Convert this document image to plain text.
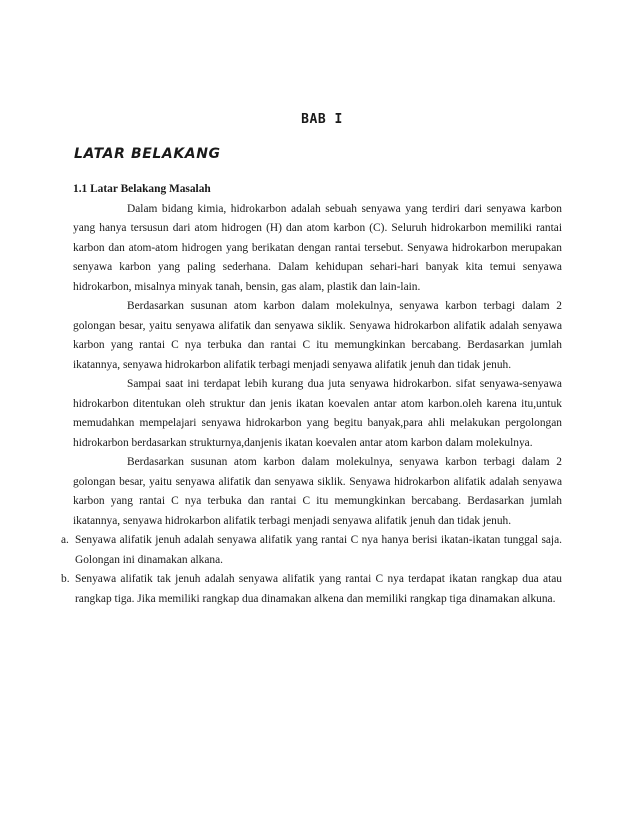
BAB I
LATAR BELAKANG

1.1 Latar Belakang Masalah

Dalam bidang kimia, hidrokarbon adalah sebuah senyawa yang terdiri dari senyawa karbon yang hanya tersusun dari atom hidrogen (H) dan atom karbon (C). Seluruh hidrokarbon memiliki rantai karbon dan atom-atom hidrogen yang berikatan dengan rantai tersebut. Senyawa hidrokarbon merupakan senyawa karbon yang paling sederhana. Dalam kehidupan sehari-hari banyak kita temui senyawa hidrokarbon, misalnya minyak tanah, bensin, gas alam, plastik dan lain-lain.

Berdasarkan susunan atom karbon dalam molekulnya, senyawa karbon terbagi dalam 2 golongan besar, yaitu senyawa alifatik dan senyawa siklik. Senyawa hidrokarbon alifatik adalah senyawa karbon yang rantai C nya terbuka dan rantai C itu memungkinkan bercabang. Berdasarkan jumlah ikatannya, senyawa hidrokarbon alifatik terbagi menjadi senyawa alifatik jenuh dan tidak jenuh.

Sampai saat ini terdapat lebih kurang dua juta senyawa hidrokarbon. sifat senyawa-senyawa hidrokarbon ditentukan oleh struktur dan jenis ikatan koevalen antar atom karbon.oleh karena itu,untuk memudahkan mempelajari senyawa hidrokarbon yang begitu banyak,para ahli melakukan pergolongan hidrokarbon berdasarkan strukturnya,danjenis ikatan koevalen antar atom karbon dalam molekulnya.

Berdasarkan susunan atom karbon dalam molekulnya, senyawa karbon terbagi dalam 2 golongan besar, yaitu senyawa alifatik dan senyawa siklik. Senyawa hidrokarbon alifatik adalah senyawa karbon yang rantai C nya terbuka dan rantai C itu memungkinkan bercabang. Berdasarkan jumlah ikatannya, senyawa hidrokarbon alifatik terbagi menjadi senyawa alifatik jenuh dan tidak jenuh.

a. Senyawa alifatik jenuh adalah senyawa alifatik yang rantai C nya hanya berisi ikatan-ikatan tunggal saja. Golongan ini dinamakan alkana.
b. Senyawa alifatik tak jenuh adalah senyawa alifatik yang rantai C nya terdapat ikatan rangkap dua atau rangkap tiga. Jika memiliki rangkap dua dinamakan alkena dan memiliki rangkap tiga dinamakan alkuna.
